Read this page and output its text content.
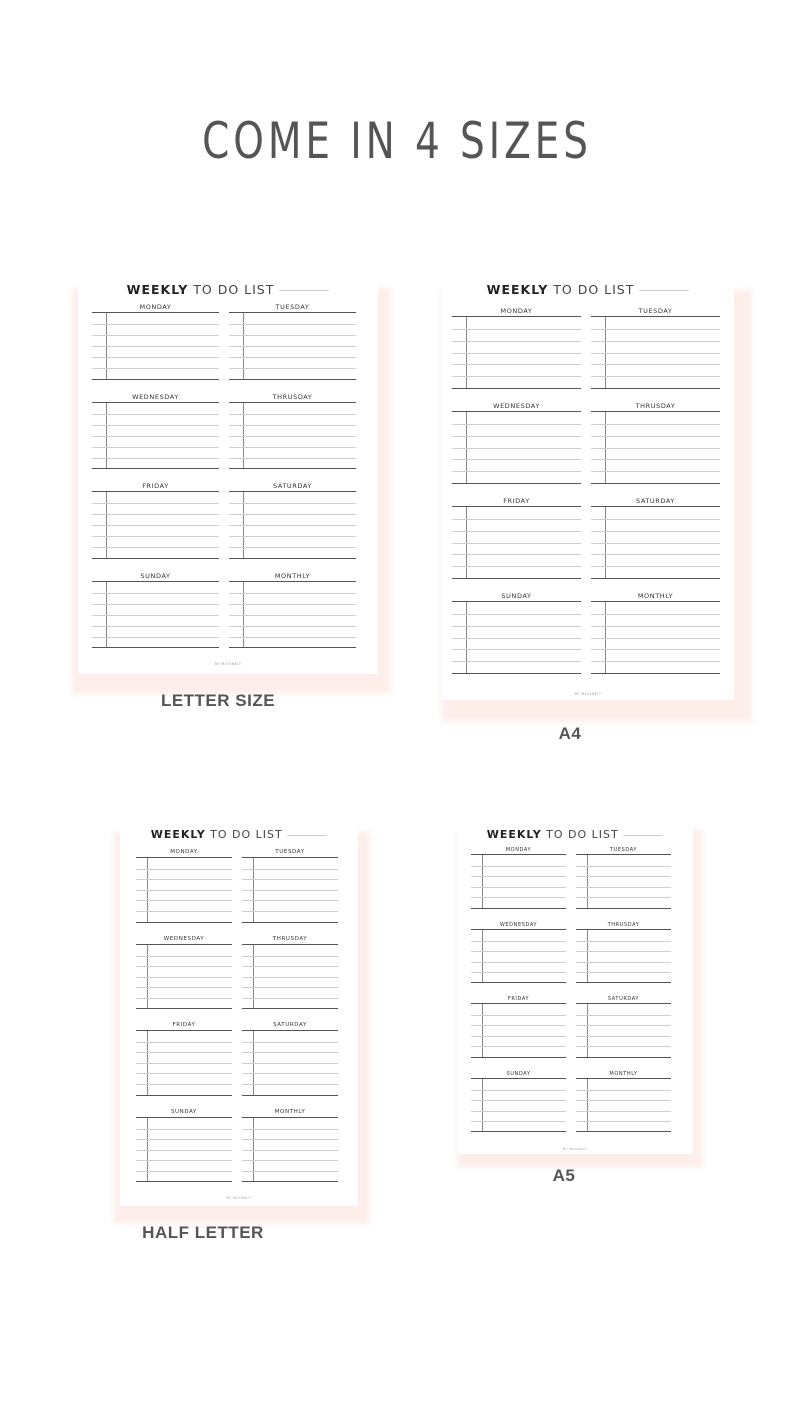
COME IN 4 SIZES
WEEKLY TO DO LIST
MONDAY	TUESDAY
WEDNESDAY	THRUSDAY
FRIDAY	SATURDAY
SUNDAY	MONTHLY
BY MOONKIT
LETTER SIZE
WEEKLY TO DO LIST
MONDAY	TUESDAY
WEDNESDAY	THRUSDAY
FRIDAY	SATURDAY
SUNDAY	MONTHLY
BY MOONKIT
A4
WEEKLY TO DO LIST
MONDAY	TUESDAY
WEDNESDAY	THRUSDAY
FRIDAY	SATURDAY
SUNDAY	MONTHLY
BY MOONKIT
HALF LETTER
WEEKLY TO DO LIST
MONDAY	TUESDAY
WEDNESDAY	THRUSDAY
FRIDAY	SATURDAY
SUNDAY	MONTHLY
BY MOONKIT
A5
